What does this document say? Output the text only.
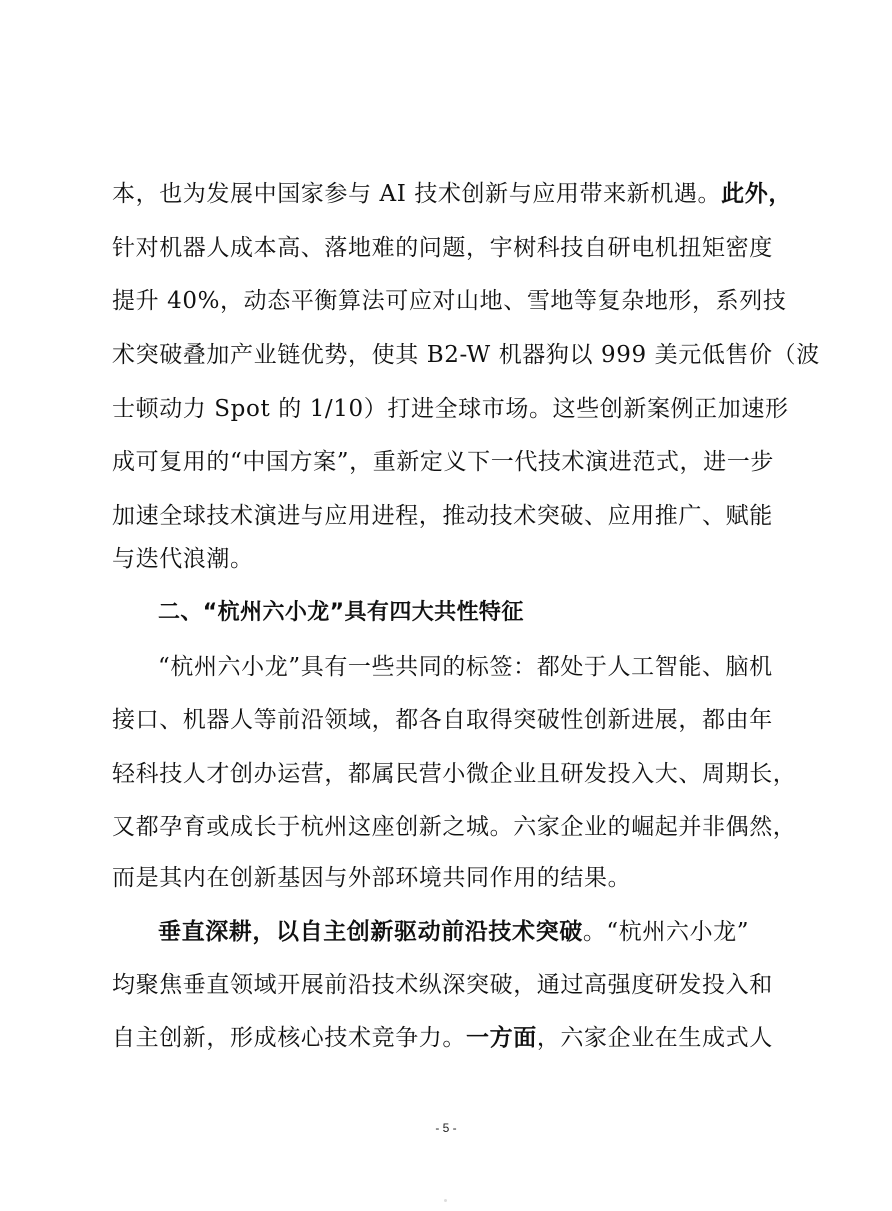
本，也为发展中国家参与 AI 技术创新与应用带来新机遇。此外，
针对机器人成本高、落地难的问题，宇树科技自研电机扭矩密度
提升 40%，动态平衡算法可应对山地、雪地等复杂地形，系列技
术突破叠加产业链优势，使其 B2-W 机器狗以 999 美元低售价（波
士顿动力 Spot 的 1/10）打进全球市场。这些创新案例正加速形
成可复用的“中国方案”，重新定义下一代技术演进范式，进一步
加速全球技术演进与应用进程，推动技术突破、应用推广、赋能
与迭代浪潮。
二、“杭州六小龙”具有四大共性特征
“杭州六小龙”具有一些共同的标签：都处于人工智能、脑机
接口、机器人等前沿领域，都各自取得突破性创新进展，都由年
轻科技人才创办运营，都属民营小微企业且研发投入大、周期长，
又都孕育或成长于杭州这座创新之城。六家企业的崛起并非偶然，
而是其内在创新基因与外部环境共同作用的结果。
垂直深耕，以自主创新驱动前沿技术突破。“杭州六小龙”
均聚焦垂直领域开展前沿技术纵深突破，通过高强度研发投入和
自主创新，形成核心技术竞争力。一方面，六家企业在生成式人
- 5 -
